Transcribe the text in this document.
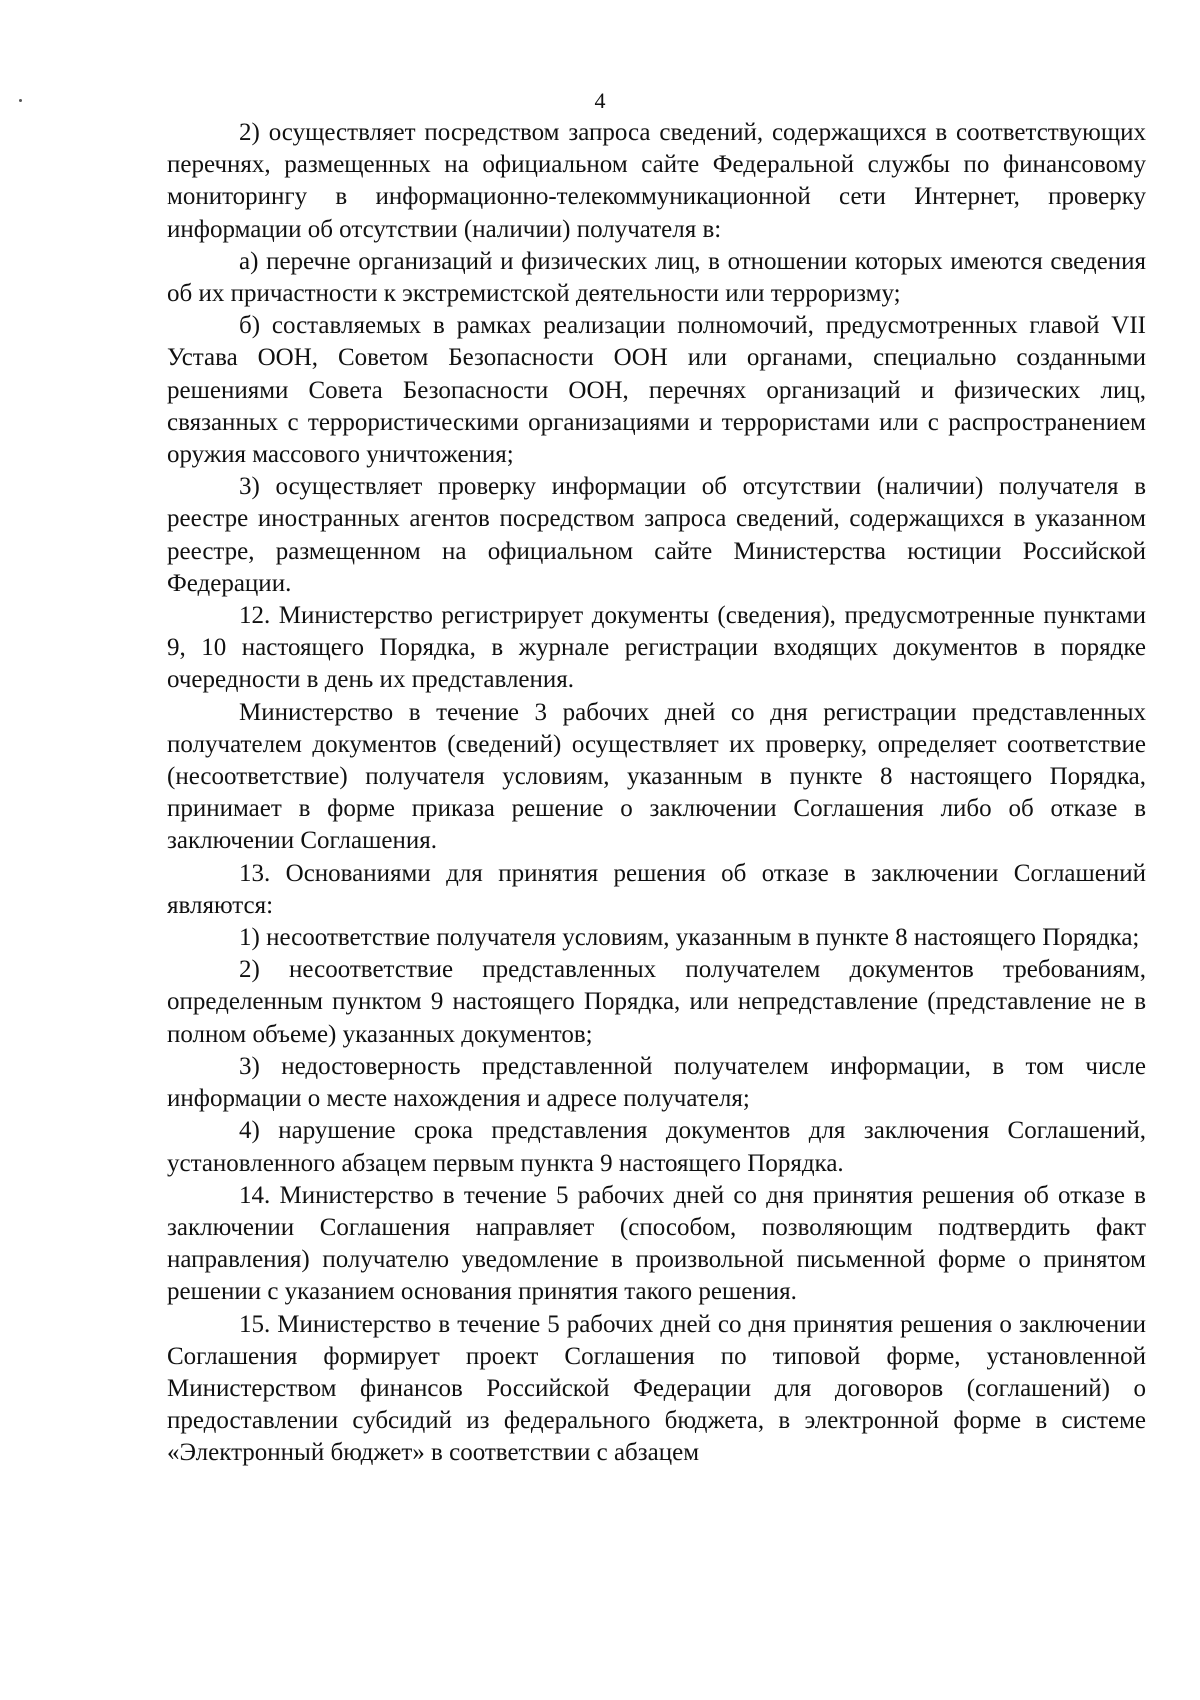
4

2) осуществляет посредством запроса сведений, содержащихся в соответствующих перечнях, размещенных на официальном сайте Федеральной службы по финансовому мониторингу в информационно-телекоммуникационной сети Интернет, проверку информации об отсутствии (наличии) получателя в:

а) перечне организаций и физических лиц, в отношении которых имеются сведения об их причастности к экстремистской деятельности или терроризму;

б) составляемых в рамках реализации полномочий, предусмотренных главой VII Устава ООН, Советом Безопасности ООН или органами, специально созданными решениями Совета Безопасности ООН, перечнях организаций и физических лиц, связанных с террористическими организациями и террористами или с распространением оружия массового уничтожения;

3) осуществляет проверку информации об отсутствии (наличии) получателя в реестре иностранных агентов посредством запроса сведений, содержащихся в указанном реестре, размещенном на официальном сайте Министерства юстиции Российской Федерации.

12. Министерство регистрирует документы (сведения), предусмотренные пунктами 9, 10 настоящего Порядка, в журнале регистрации входящих документов в порядке очередности в день их представления.

Министерство в течение 3 рабочих дней со дня регистрации представленных получателем документов (сведений) осуществляет их проверку, определяет соответствие (несоответствие) получателя условиям, указанным в пункте 8 настоящего Порядка, принимает в форме приказа решение о заключении Соглашения либо об отказе в заключении Соглашения.

13. Основаниями для принятия решения об отказе в заключении Соглашений являются:

1) несоответствие получателя условиям, указанным в пункте 8 настоящего Порядка;

2) несоответствие представленных получателем документов требованиям, определенным пунктом 9 настоящего Порядка, или непредставление (представление не в полном объеме) указанных документов;

3) недостоверность представленной получателем информации, в том числе информации о месте нахождения и адресе получателя;

4) нарушение срока представления документов для заключения Соглашений, установленного абзацем первым пункта 9 настоящего Порядка.

14. Министерство в течение 5 рабочих дней со дня принятия решения об отказе в заключении Соглашения направляет (способом, позволяющим подтвердить факт направления) получателю уведомление в произвольной письменной форме о принятом решении с указанием основания принятия такого решения.

15. Министерство в течение 5 рабочих дней со дня принятия решения о заключении Соглашения формирует проект Соглашения по типовой форме, установленной Министерством финансов Российской Федерации для договоров (соглашений) о предоставлении субсидий из федерального бюджета, в электронной форме в системе «Электронный бюджет» в соответствии с абзацем
